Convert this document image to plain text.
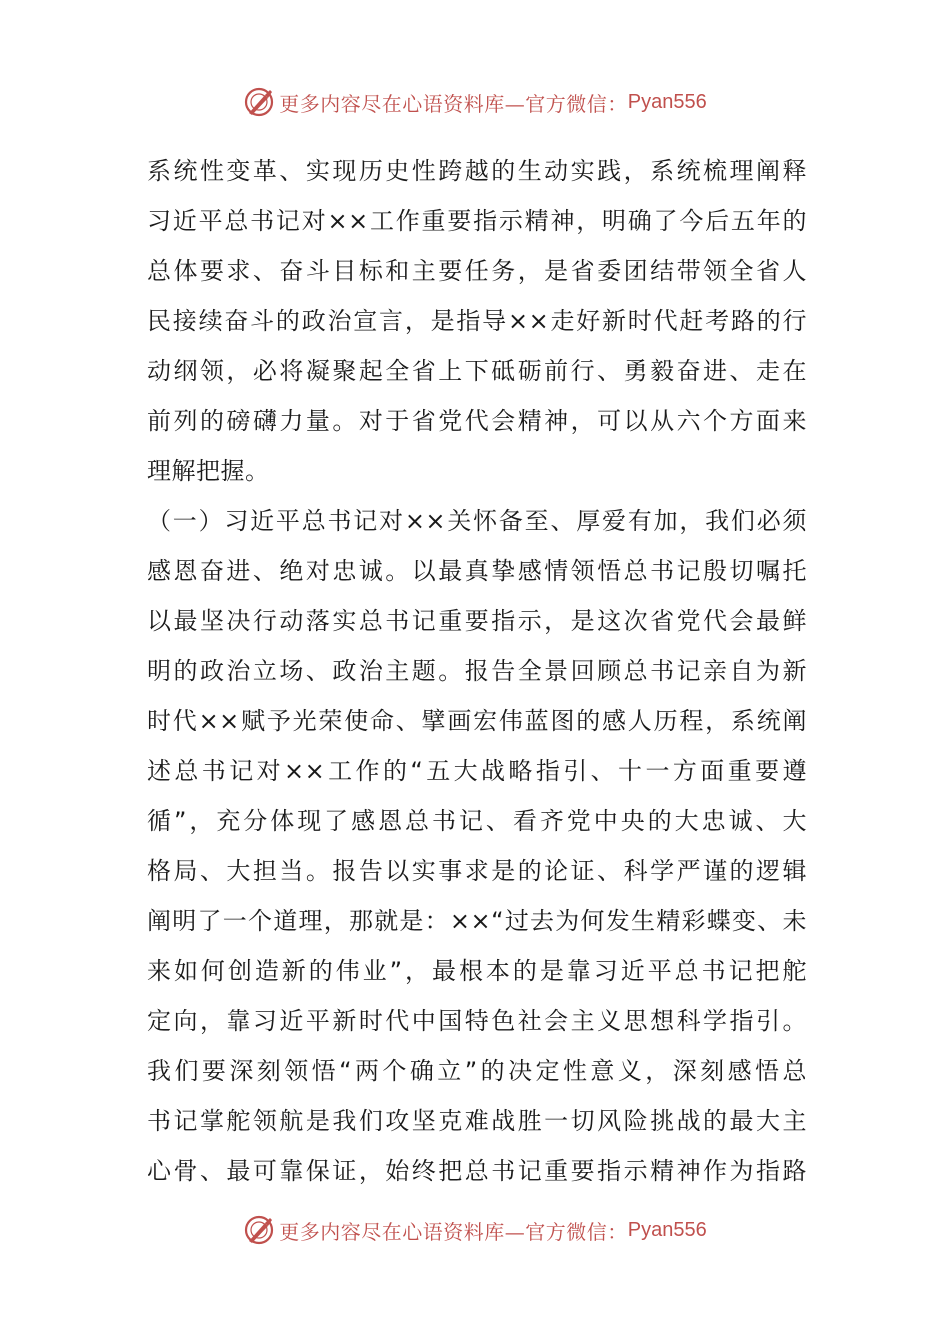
更多内容尽在心语资料库—官方微信： Pyan556
系统性变革、实现历史性跨越的生动实践，系统梳理阐释
习近平总书记对××工作重要指示精神，明确了今后五年的
总体要求、奋斗目标和主要任务，是省委团结带领全省人
民接续奋斗的政治宣言，是指导××走好新时代赶考路的行
动纲领，必将凝聚起全省上下砥砺前行、勇毅奋进、走在
前列的磅礴力量。对于省党代会精神，可以从六个方面来
理解把握。
（一）习近平总书记对××关怀备至、厚爱有加，我们必须
感恩奋进、绝对忠诚。以最真挚感情领悟总书记殷切嘱托
以最坚决行动落实总书记重要指示，是这次省党代会最鲜
明的政治立场、政治主题。报告全景回顾总书记亲自为新
时代××赋予光荣使命、擘画宏伟蓝图的感人历程，系统阐
述总书记对××工作的“五大战略指引、十一方面重要遵
循”，充分体现了感恩总书记、看齐党中央的大忠诚、大
格局、大担当。报告以实事求是的论证、科学严谨的逻辑
阐明了一个道理，那就是：××“过去为何发生精彩蝶变、未
来如何创造新的伟业”，最根本的是靠习近平总书记把舵
定向，靠习近平新时代中国特色社会主义思想科学指引。
我们要深刻领悟“两个确立”的决定性意义，深刻感悟总
书记掌舵领航是我们攻坚克难战胜一切风险挑战的最大主
心骨、最可靠保证，始终把总书记重要指示精神作为指路
更多内容尽在心语资料库—官方微信： Pyan556
